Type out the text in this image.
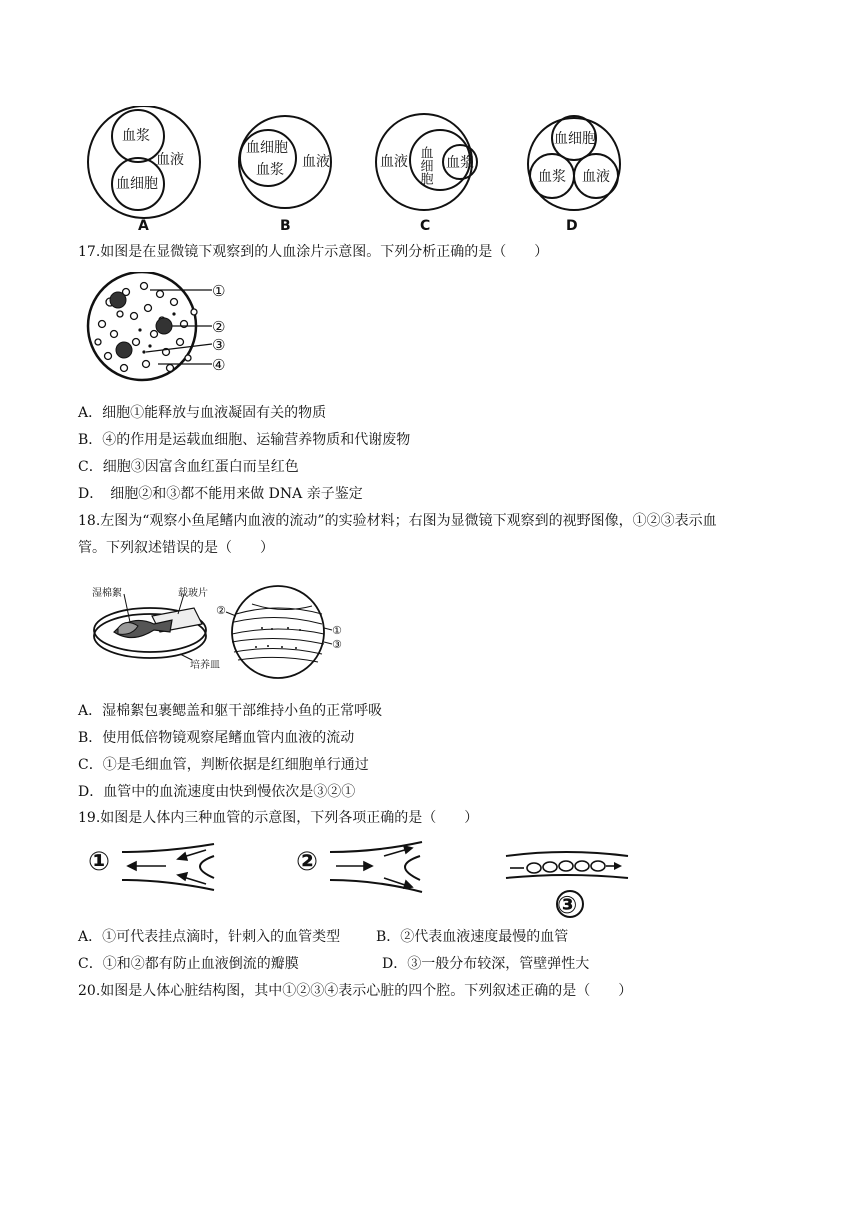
血浆
血液
血细胞
A
血细胞
血浆 血液
B
血液 血细胞 血浆
C
血细胞
血浆 血液
D
17.如图是在显微镜下观察到的人血涂片示意图。下列分析正确的是（　　）
①
②
③
④
A．细胞①能释放与血液凝固有关的物质
B．④的作用是运载血细胞、运输营养物质和代谢废物
C．细胞③因富含血红蛋白而呈红色
D．　细胞②和③都不能用来做 DNA 亲子鉴定
18.左图为“观察小鱼尾鳍内血液的流动”的实验材料；右图为显微镜下观察到的视野图像，①②③表示血
管。下列叙述错误的是（　　）
湿棉絮	载玻片
培养皿
②
①
③
A．湿棉絮包裹鳃盖和躯干部维持小鱼的正常呼吸
B．使用低倍物镜观察尾鳍血管内血液的流动
C．①是毛细血管，判断依据是红细胞单行通过
D．血管中的血流速度由快到慢依次是③②①
19.如图是人体内三种血管的示意图，下列各项正确的是（　　）
①	②
③
A．①可代表挂点滴时，针刺入的血管类型	B．②代表血液速度最慢的血管
C．①和②都有防止血液倒流的瓣膜	D．③一般分布较深，管壁弹性大
20.如图是人体心脏结构图，其中①②③④表示心脏的四个腔。下列叙述正确的是（　　）
